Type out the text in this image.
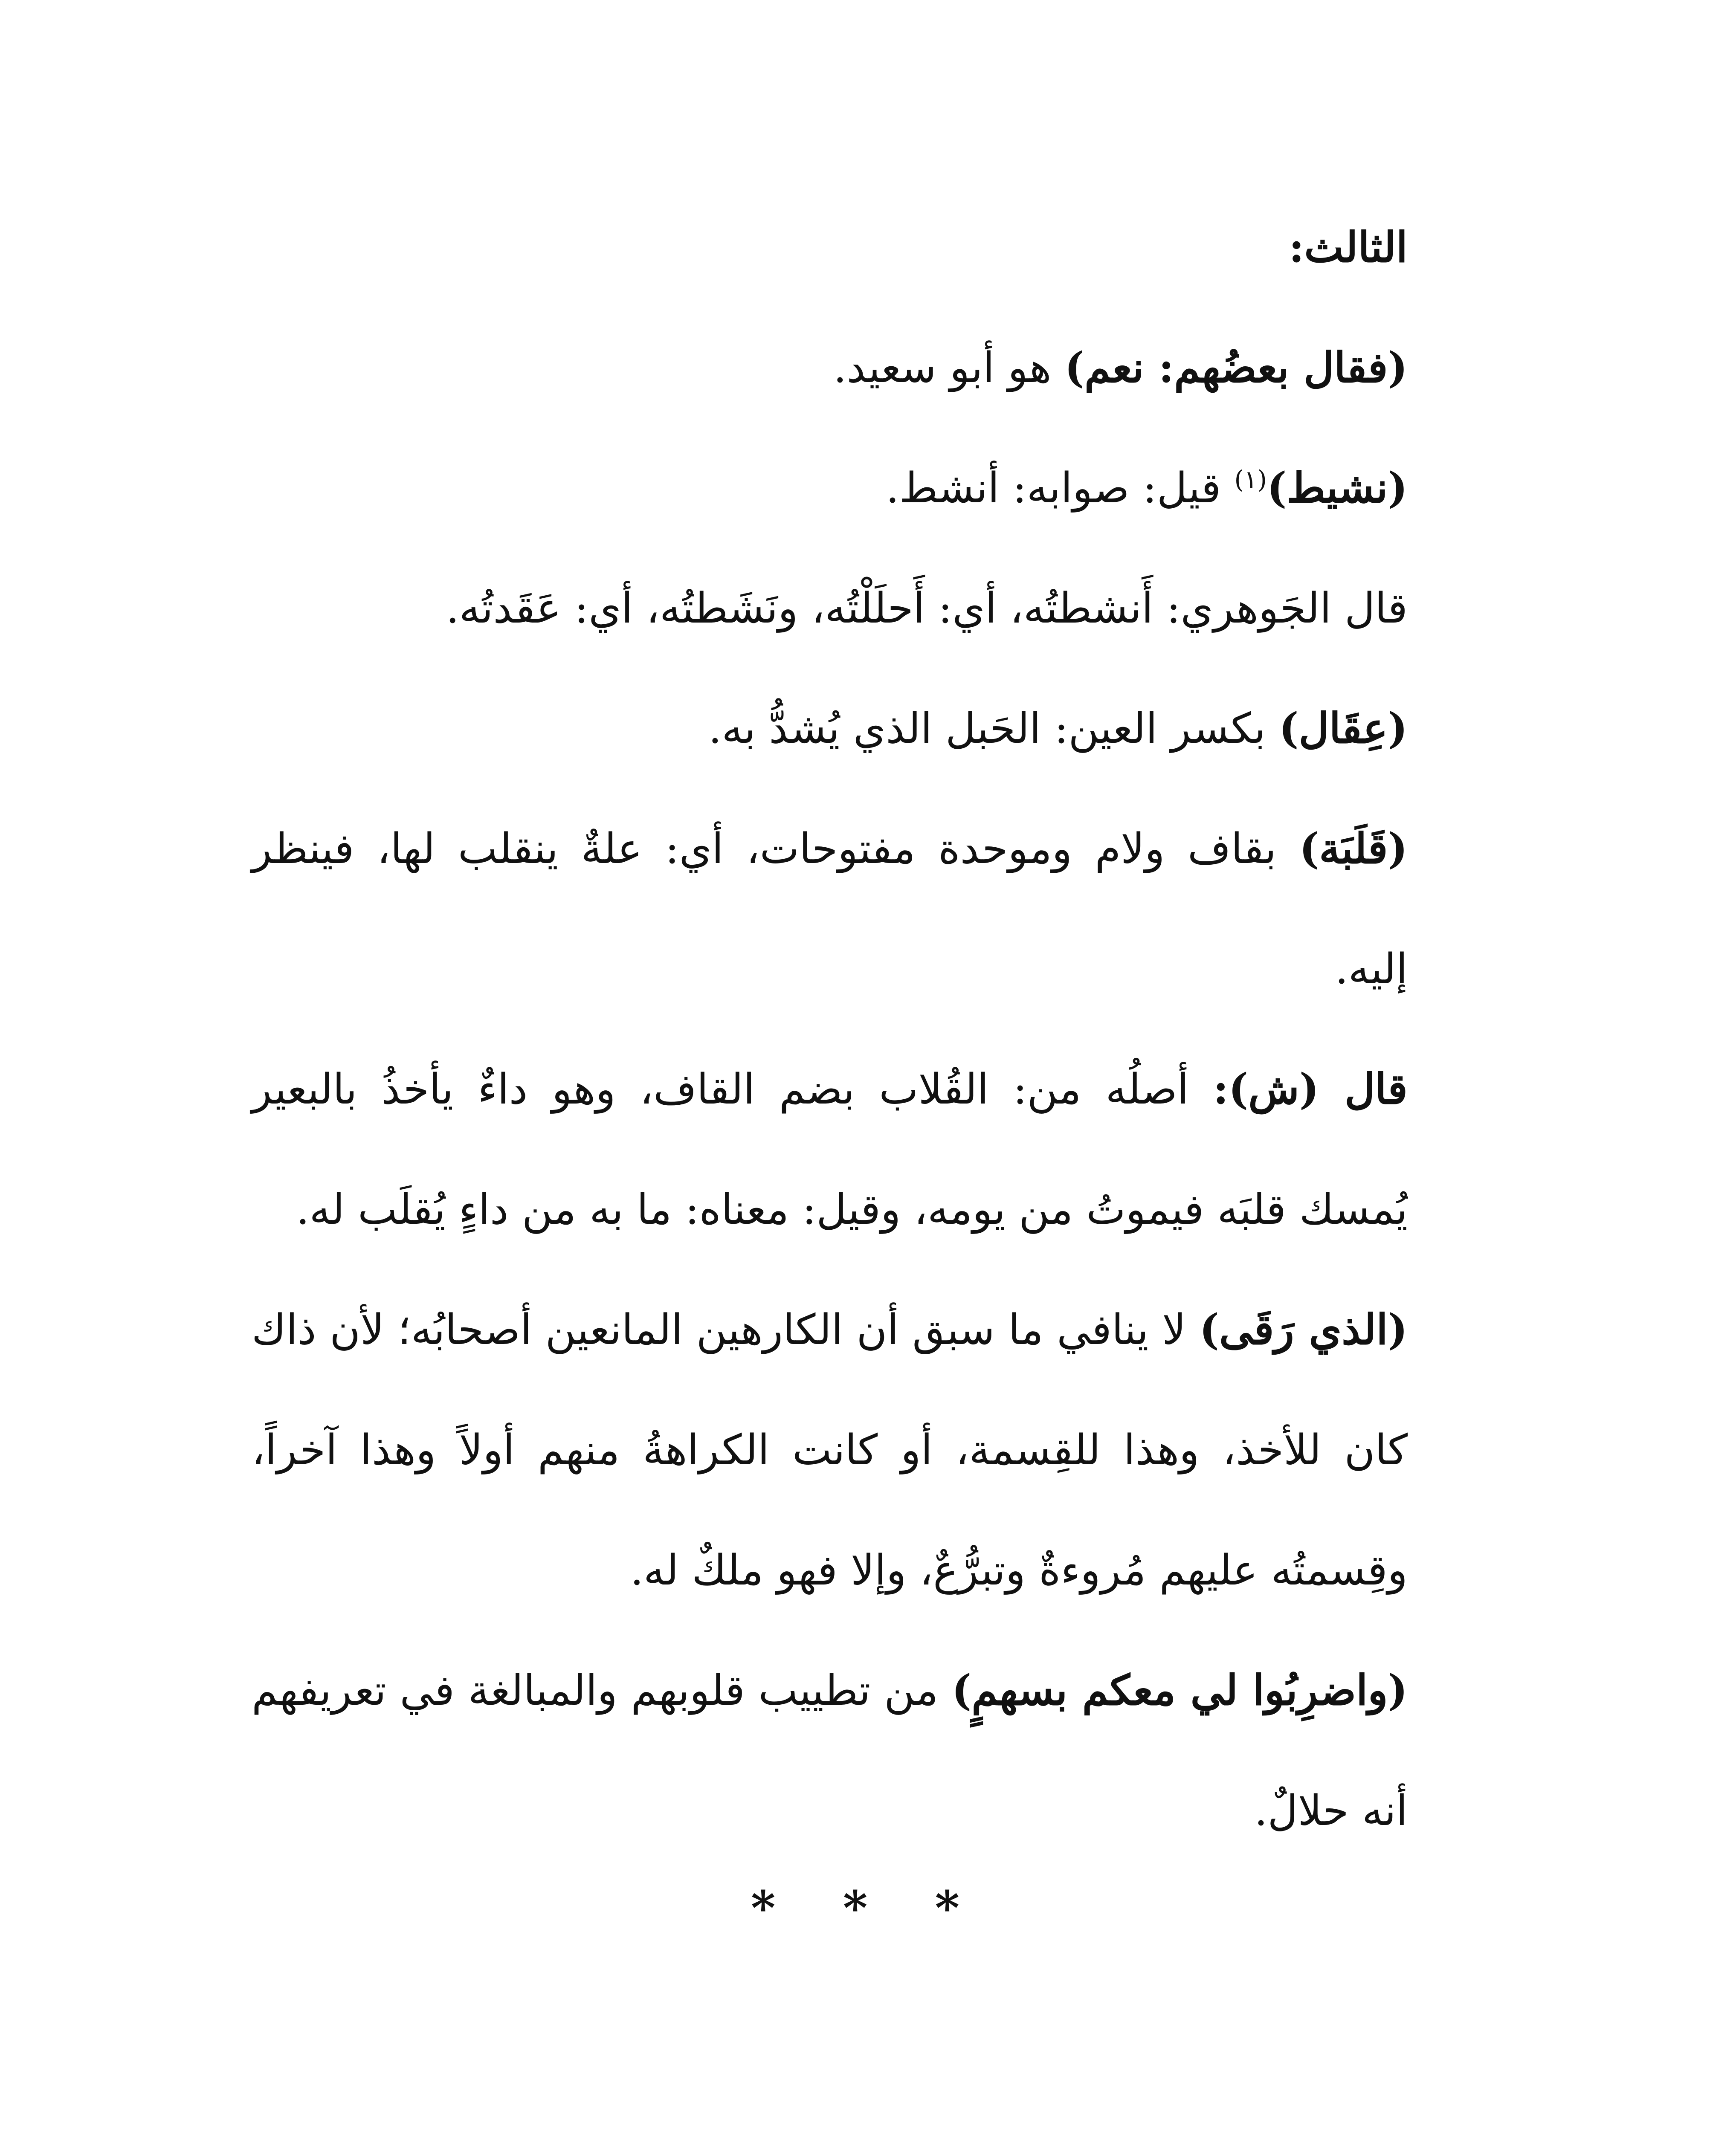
الثالث:

(فقال بعضُهم: نعم) هو أبو سعيد.

(نشيط)$^{(١)}$ قيل: صوابه: أنشط.

قال الجَوهري: أَنشطتُه، أي: أَحلَلْتُه، ونَشَطتُه، أي: عَقَدتُه.

(عِقَال) بكسر العين: الحَبل الذي يُشدُّ به.

(قَلَبَة) بقاف ولام وموحدة مفتوحات، أي: علةٌ ينقلب لها، فينظر إليه.

قال (ش): أصلُه من: القُلاب بضم القاف، وهو داءٌ يأخذُ بالبعير يُمسك قلبَه فيموتُ من يومه، وقيل: معناه: ما به من داءٍ يُقلَب له.

(الذي رَقَى) لا ينافي ما سبق أن الكارهين المانعين أصحابُه؛ لأن ذاك كان للأخذ، وهذا للقِسمة، أو كانت الكراهةُ منهم أولاً وهذا آخراً، وقِسمتُه عليهم مُروءةٌ وتبرُّعٌ، وإلا فهو ملكٌ له.

(واضرِبُوا لي معكم بسهمٍ) من تطييب قلوبهم والمبالغة في تعريفهم أنه حلالٌ.

* * *
